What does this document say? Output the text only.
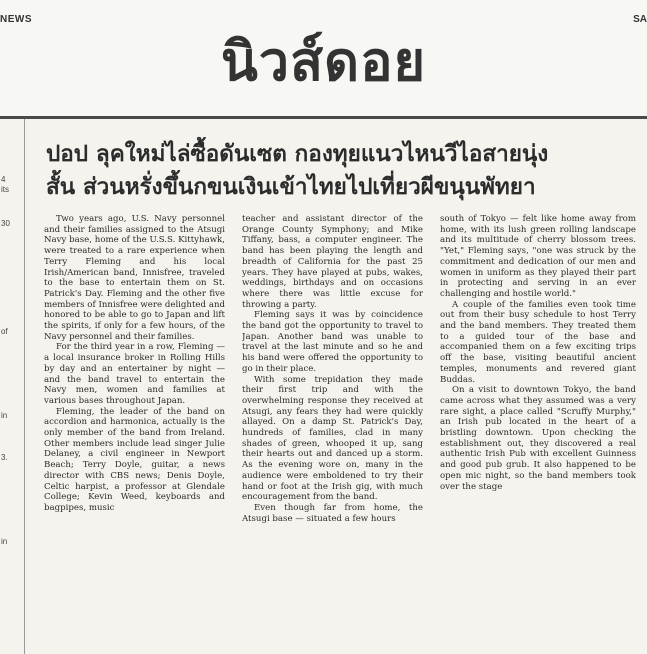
NEWS	SA
นิวส์ดอย
4
its
30
of
in
3.
in
ปอป ลุคใหม่ไล่ซื้อดันเซต กองทุยแนวไหนวีไอสายนุ่ง
สั้น ส่วนหรั่งขึ้นกขนเงินเข้าไทยไปเที่ยวผีขนุนพัทยา

Two years ago, U.S. Navy personnel and their families assigned to the Atsugi Navy base, home of the U.S.S. Kittyhawk, were treated to a rare experience when Terry Fleming and his local Irish/American band, Innisfree, traveled to the base to entertain them on St. Patrick's Day. Fleming and the other five members of Innisfree were delighted and honored to be able to go to Japan and lift the spirits, if only for a few hours, of the Navy personnel and their families.

For the third year in a row, Fleming — a local insurance broker in Rolling Hills by day and an entertainer by night — and the band travel to entertain the Navy men, women and families at various bases throughout Japan.

Fleming, the leader of the band on accordion and harmonica, actually is the only member of the band from Ireland. Other members include lead singer Julie Delaney, a civil engineer in Newport Beach; Terry Doyle, guitar, a news director with CBS news; Denis Doyle, Celtic harpist, a professor at Glendale College; Kevin Weed, keyboards and bagpipes, music

teacher and assistant director of the Orange County Symphony; and Mike Tiffany, bass, a computer engineer. The band has been playing the length and breadth of California for the past 25 years. They have played at pubs, wakes, weddings, birthdays and on occasions where there was little excuse for throwing a party.

Fleming says it was by coincidence the band got the opportunity to travel to Japan. Another band was unable to travel at the last minute and so he and his band were offered the opportunity to go in their place.

With some trepidation they made their first trip and with the overwhelming response they received at Atsugi, any fears they had were quickly allayed. On a damp St. Patrick's Day, hundreds of families, clad in many shades of green, whooped it up, sang their hearts out and danced up a storm. As the evening wore on, many in the audience were emboldened to try their hand or foot at the Irish gig, with much encouragement from the band.

Even though far from home, the Atsugi base — situated a few hours

south of Tokyo — felt like home away from home, with its lush green rolling landscape and its multitude of cherry blossom trees. "Yet," Fleming says, "one was struck by the commitment and dedication of our men and women in uniform as they played their part in protecting and serving in an ever challenging and hostile world."

A couple of the families even took time out from their busy schedule to host Terry and the band members. They treated them to a guided tour of the base and accompanied them on a few exciting trips off the base, visiting beautiful ancient temples, monuments and revered giant Buddas.

On a visit to downtown Tokyo, the band came across what they assumed was a very rare sight, a place called "Scruffy Murphy," an Irish pub located in the heart of a bristling downtown. Upon checking the establishment out, they discovered a real authentic Irish Pub with excellent Guinness and good pub grub. It also happened to be open mic night, so the band members took over the stage
